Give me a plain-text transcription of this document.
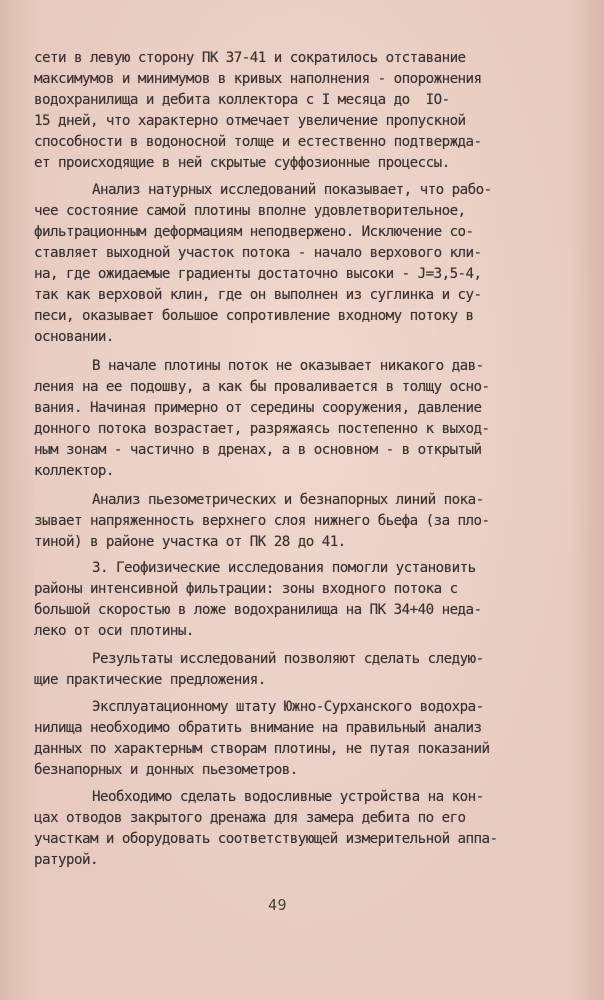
сети в левую сторону ПК 37-41 и сократилось отставание
максимумов и минимумов в кривых наполнения - опорожнения
водохранилища и дебита коллектора с I месяца до  IO-
15 дней, что характерно отмечает увеличение пропускной
способности в водоносной толще и естественно подтвержда-
ет происходящие в ней скрытые суффозионные процессы.
Анализ натурных исследований показывает, что рабо-
чее состояние самой плотины вполне удовлетворительное,
фильтрационным деформациям неподвержено. Исключение со-
ставляет выходной участок потока - начало верхового кли-
на, где ожидаемые градиенты достаточно высоки - J=3,5-4,
так как верховой клин, где он выполнен из суглинка и су-
песи, оказывает большое сопротивление входному потоку в
основании.
В начале плотины поток не оказывает никакого дав-
ления на ее подошву, а как бы проваливается в толщу осно-
вания. Начиная примерно от середины сооружения, давление
донного потока возрастает, разряжаясь постепенно к выход-
ным зонам - частично в дренах, а в основном - в открытый
коллектор.
Анализ пьезометрических и безнапорных линий пока-
зывает напряженность верхнего слоя нижнего бьефа (за пло-
тиной) в районе участка от ПК 28 до 41.
3. Геофизические исследования помогли установить
районы интенсивной фильтрации: зоны входного потока с
большой скоростью в ложе водохранилища на ПК 34+40 неда-
леко от оси плотины.
Результаты исследований позволяют сделать следую-
щие практические предложения.
Эксплуатационному штату Южно-Сурханского водохра-
нилища необходимо обратить внимание на правильный анализ
данных по характерным створам плотины, не путая показаний
безнапорных и донных пьезометров.
Необходимо сделать водосливные устройства на кон-
цах отводов закрытого дренажа для замера дебита по его
участкам и оборудовать соответствующей измерительной аппа-
ратурой.
49
